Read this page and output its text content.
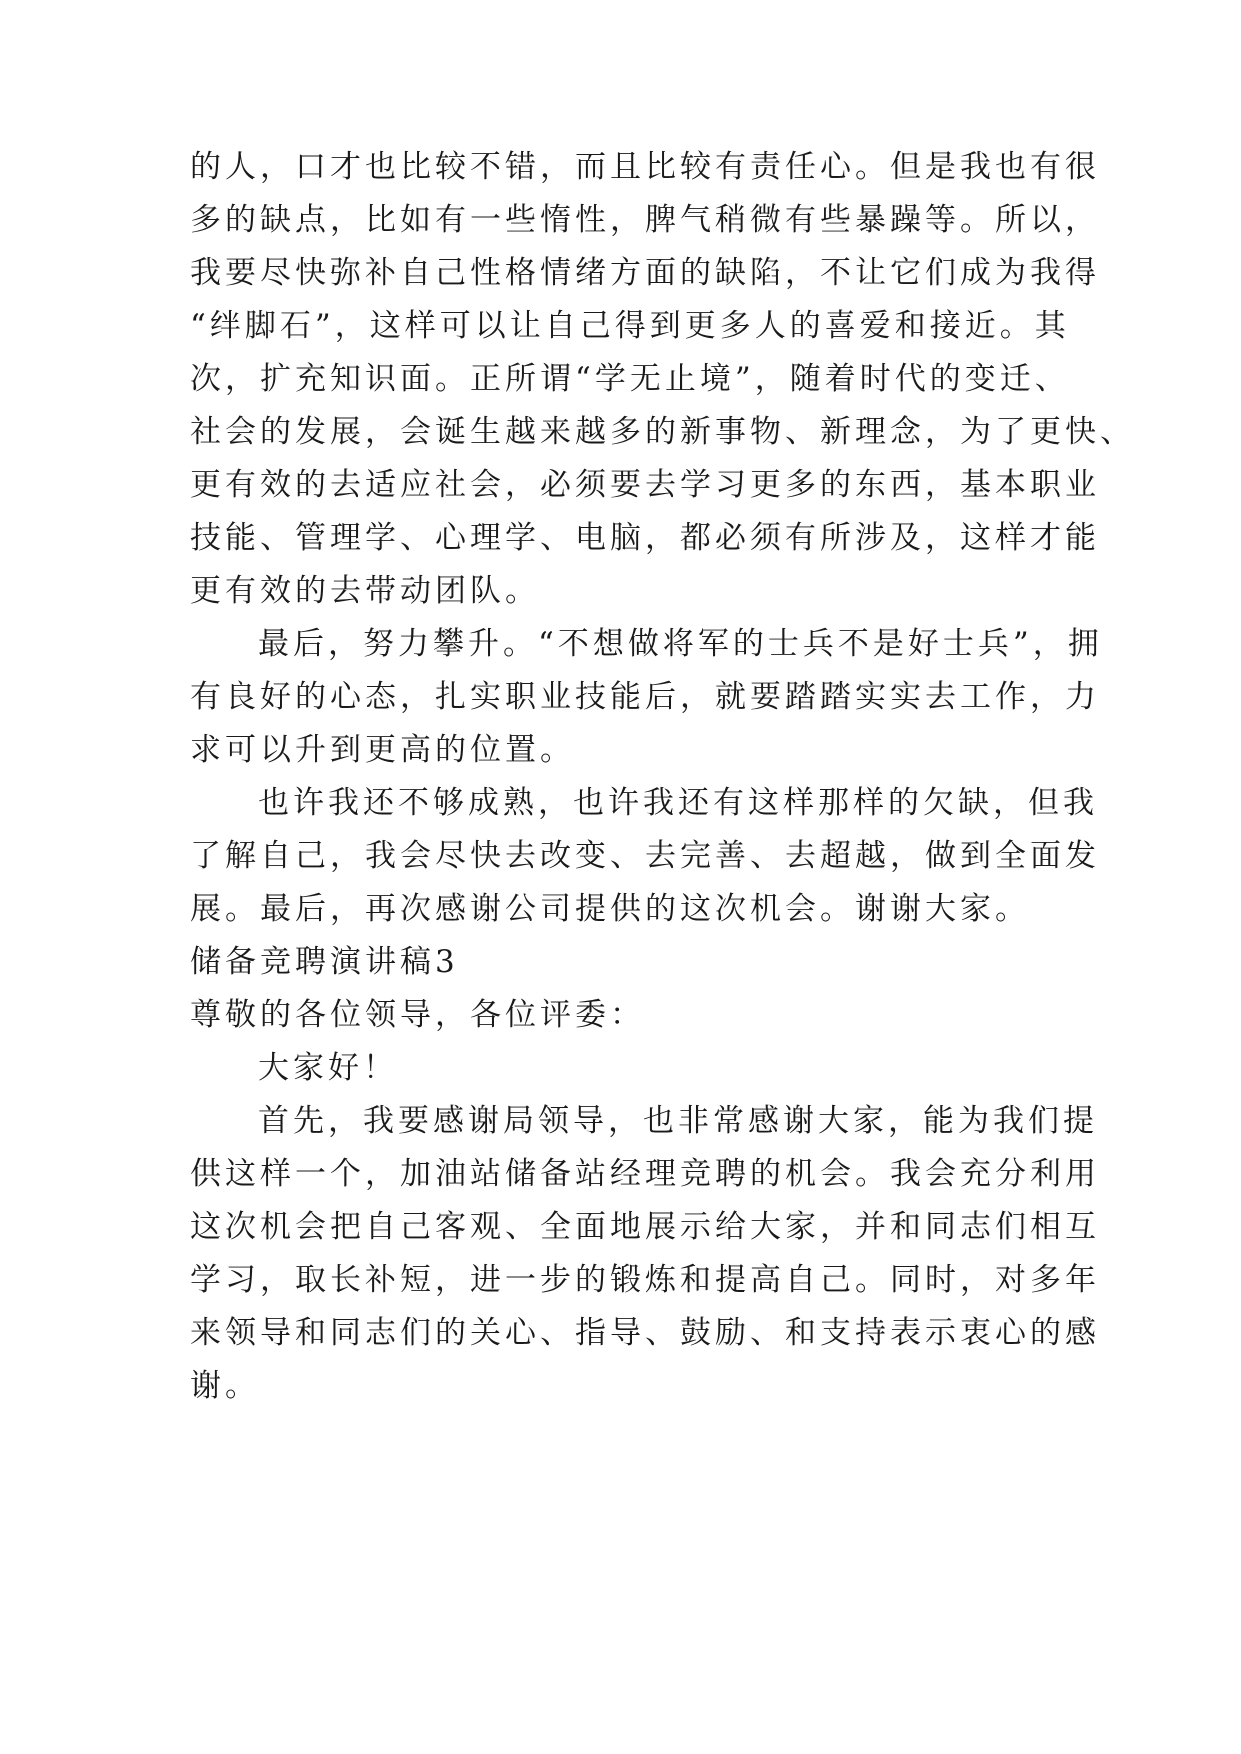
的人，口才也比较不错，而且比较有责任心。但是我也有很

多的缺点，比如有一些惰性，脾气稍微有些暴躁等。所以，

我要尽快弥补自己性格情绪方面的缺陷，不让它们成为我得

“绊脚石”，这样可以让自己得到更多人的喜爱和接近。其

次，扩充知识面。正所谓“学无止境”，随着时代的变迁、

社会的发展，会诞生越来越多的新事物、新理念，为了更快、

更有效的去适应社会，必须要去学习更多的东西，基本职业

技能、管理学、心理学、电脑，都必须有所涉及，这样才能

更有效的去带动团队。

最后，努力攀升。“不想做将军的士兵不是好士兵”，拥

有良好的心态，扎实职业技能后，就要踏踏实实去工作，力

求可以升到更高的位置。

也许我还不够成熟，也许我还有这样那样的欠缺，但我

了解自己，我会尽快去改变、去完善、去超越，做到全面发

展。最后，再次感谢公司提供的这次机会。谢谢大家。

储备竞聘演讲稿3

尊敬的各位领导，各位评委：

大家好！

首先，我要感谢局领导，也非常感谢大家，能为我们提

供这样一个，加油站储备站经理竞聘的机会。我会充分利用

这次机会把自己客观、全面地展示给大家，并和同志们相互

学习，取长补短，进一步的锻炼和提高自己。同时，对多年

来领导和同志们的关心、指导、鼓励、和支持表示衷心的感

谢。
